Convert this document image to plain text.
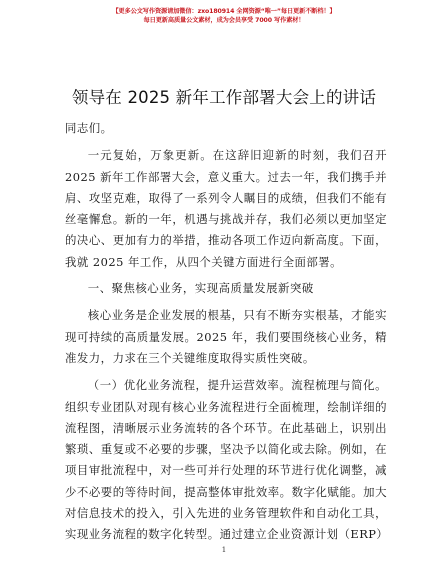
【更多公文写作资源请加微信：zxo180914 全网资源“唯一”每日更新不断档！】
每日更新高质量公文素材，成为会员享受 7000 写作素材！
领导在 2025 新年工作部署大会上的讲话

同志们。

一元复始，万象更新。在这辞旧迎新的时刻，我们召开 2025 新年工作部署大会，意义重大。过去一年，我们携手并肩、攻坚克难，取得了一系列令人瞩目的成绩，但我们不能有丝毫懈怠。新的一年，机遇与挑战并存，我们必须以更加坚定的决心、更加有力的举措，推动各项工作迈向新高度。下面，我就 2025 年工作，从四个关键方面进行全面部署。

一、聚焦核心业务，实现高质量发展新突破

核心业务是企业发展的根基，只有不断夯实根基，才能实现可持续的高质量发展。2025 年，我们要围绕核心业务，精准发力，力求在三个关键维度取得实质性突破。

（一）优化业务流程，提升运营效率。流程梳理与简化。组织专业团队对现有核心业务流程进行全面梳理，绘制详细的流程图，清晰展示业务流转的各个环节。在此基础上，识别出繁琐、重复或不必要的步骤，坚决予以简化或去除。例如，在项目审批流程中，对一些可并行处理的环节进行优化调整，减少不必要的等待时间，提高整体审批效率。数字化赋能。加大对信息技术的投入，引入先进的业务管理软件和自动化工具，实现业务流程的数字化转型。通过建立企业资源计划（ERP）

1
